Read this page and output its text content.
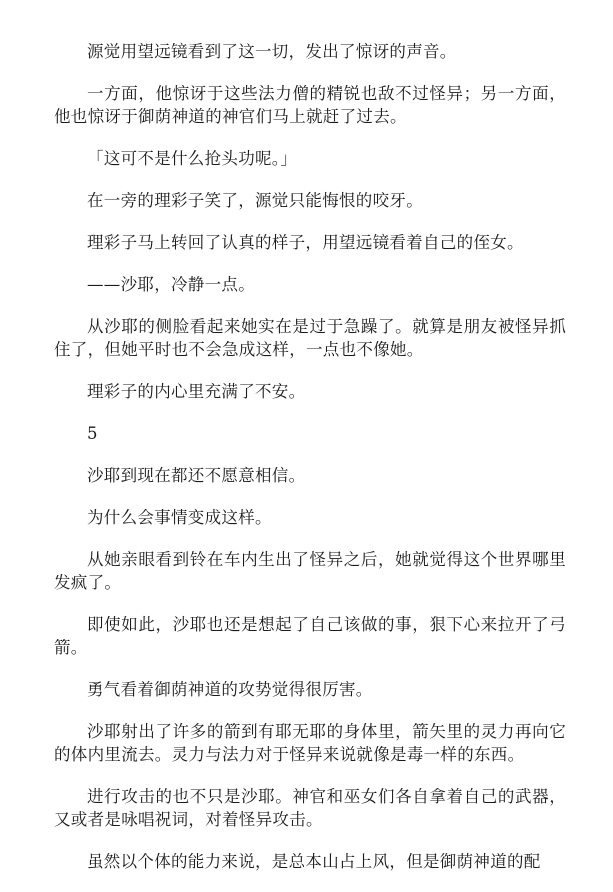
源觉用望远镜看到了这一切，发出了惊讶的声音。

一方面，他惊讶于这些法力僧的精锐也敌不过怪异；另一方面，他也惊讶于御荫神道的神官们马上就赶了过去。

「这可不是什么抢头功呢。」

在一旁的理彩子笑了，源觉只能悔恨的咬牙。

理彩子马上转回了认真的样子，用望远镜看着自己的侄女。

——沙耶，冷静一点。

从沙耶的侧脸看起来她实在是过于急躁了。就算是朋友被怪异抓住了，但她平时也不会急成这样，一点也不像她。

理彩子的内心里充满了不安。

5

沙耶到现在都还不愿意相信。

为什么会事情变成这样。

从她亲眼看到铃在车内生出了怪异之后，她就觉得这个世界哪里发疯了。

即使如此，沙耶也还是想起了自己该做的事，狠下心来拉开了弓箭。

勇气看着御荫神道的攻势觉得很厉害。

沙耶射出了许多的箭到有耶无耶的身体里，箭矢里的灵力再向它的体内里流去。灵力与法力对于怪异来说就像是毒一样的东西。

进行攻击的也不只是沙耶。神官和巫女们各自拿着自己的武器，又或者是咏唱祝词，对着怪异攻击。

虽然以个体的能力来说，是总本山占上风，但是御荫神道的配
